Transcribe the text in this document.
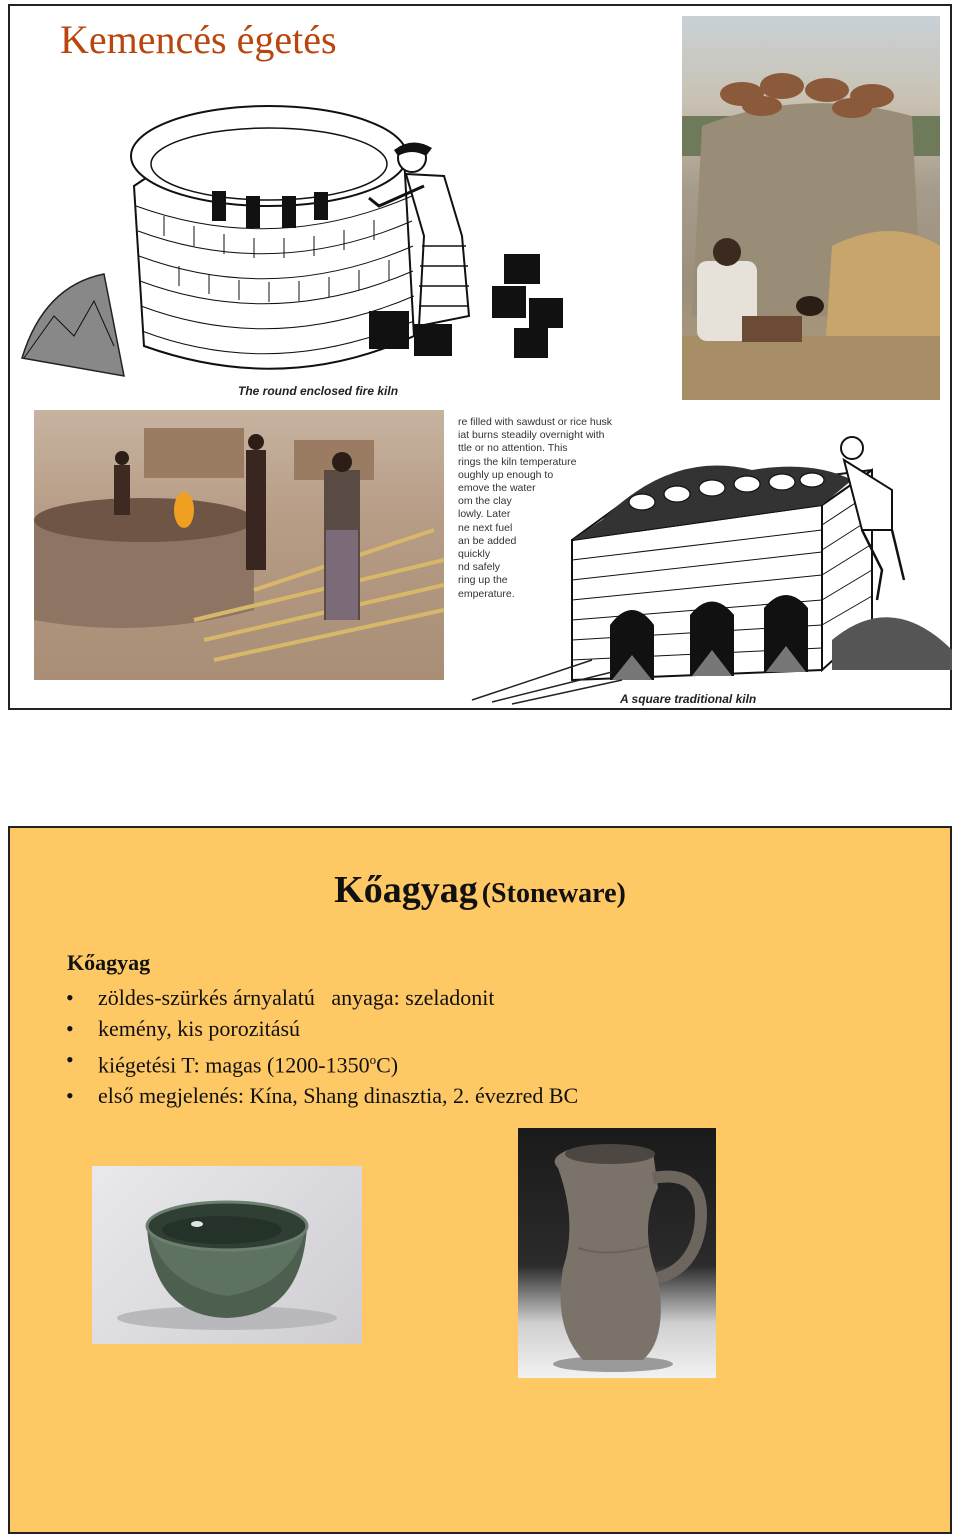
Kemencés égetés
The round enclosed fire kiln
re filled with sawdust or rice husk
iat burns steadily overnight with
ttle or no attention. This
rings the kiln temperature
oughly up enough to
emove the water
om the clay
lowly. Later
ne next fuel
an be added
quickly
nd safely
ring up the
emperature.
A square traditional kiln
Kőagyag (Stoneware)
Kőagyag
• zöldes-szürkés árnyalatú   anyaga: szeladonit
• kemény, kis porozitású
• kiégetési T: magas (1200-1350$^o$C)
• első megjelenés: Kína, Shang dinasztia, 2. évezred BC
